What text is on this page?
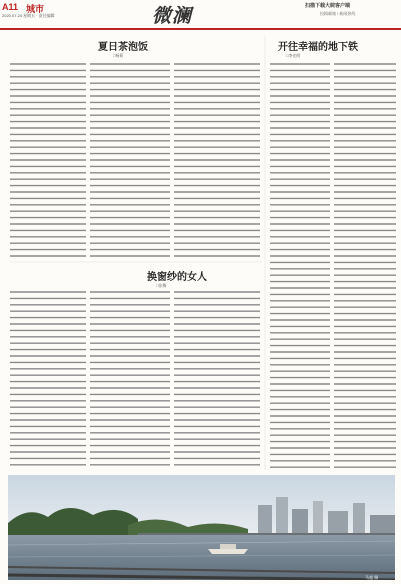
A11 城市
2020.07.24 星期五 · 责任编辑	微澜	扫描下载大皖客户端
投稿邮箱 / 新闻热线
夏日茶泡饭
□杨莉
开往幸福的地下铁
□李光明
换窗纱的女人
□张梅
马超 摄
